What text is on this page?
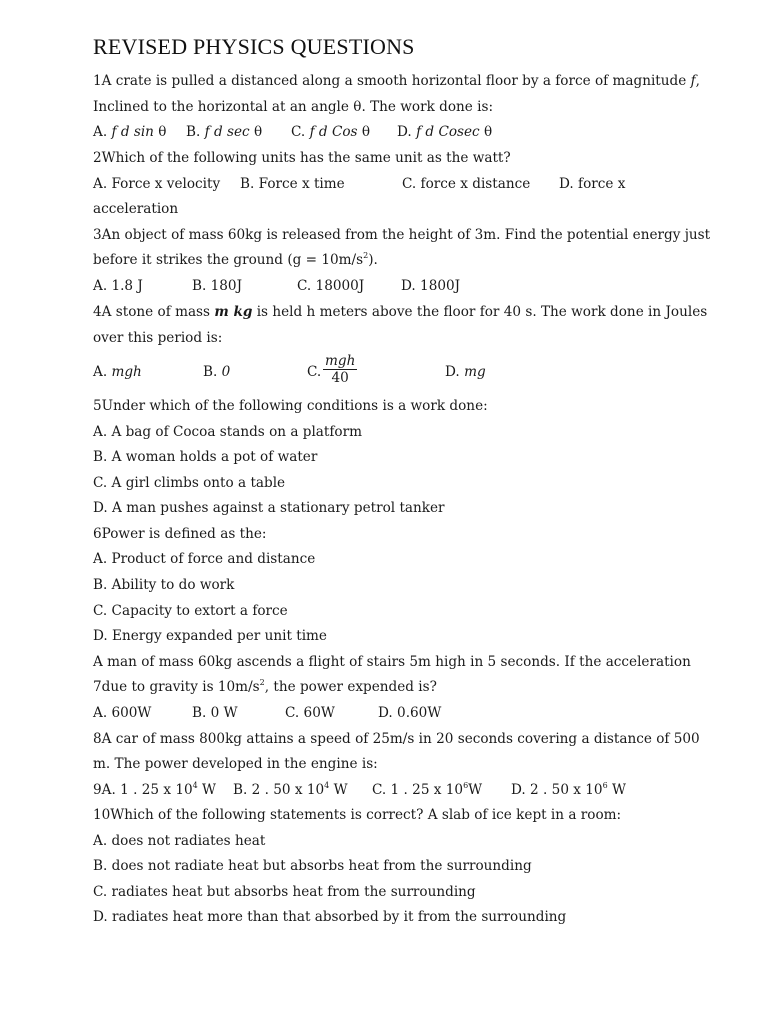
REVISED PHYSICS QUESTIONS
1A crate is pulled a distanced along a smooth horizontal floor by a force of magnitude f,
Inclined to the horizontal at an angle θ. The work done is:
A. f d sin θ B. f d sec θ C. f d Cos θ D. f d Cosec θ
2Which of the following units has the same unit as the watt?
A. Force x velocity B. Force x time	C. force x distance D. force x
acceleration
3An object of mass 60kg is released from the height of 3m. Find the potential energy just
before it strikes the ground $(g = 10m/s^2)$.
A. 1.8 J	B. 180J	C. 18000J	D. 1800J
4A stone of mass m kg is held h meters above the floor for 40 s. The work done in Joules
over this period is:
A. mgh	B. 0	C.
mgh
40	D. mg
5Under which of the following conditions is a work done:
A. A bag of Cocoa stands on a platform
B. A woman holds a pot of water
C. A girl climbs onto a table
D. A man pushes against a stationary petrol tanker
6Power is defined as the:
A. Product of force and distance
B. Ability to do work
C. Capacity to extort a force
D. Energy expanded per unit time
A man of mass 60kg ascends a flight of stairs 5m high in 5 seconds. If the acceleration
7due to gravity is $10m/s^2$, the power expended is?
A. 600W	B. 0 W	C. 60W	D. 0.60W
8A car of mass 800kg attains a speed of 25m/s in 20 seconds covering a distance of 500
m. The power developed in the engine is:
9A. 1 . 25 x $10^4$ W B. 2 . 50 x $10^4$ W C. 1 . 25 x $10^6W$ D. 2 . 50 x $10^6$ W
10Which of the following statements is correct? A slab of ice kept in a room:
A. does not radiates heat
B. does not radiate heat but absorbs heat from the surrounding
C. radiates heat but absorbs heat from the surrounding
D. radiates heat more than that absorbed by it from the surrounding
